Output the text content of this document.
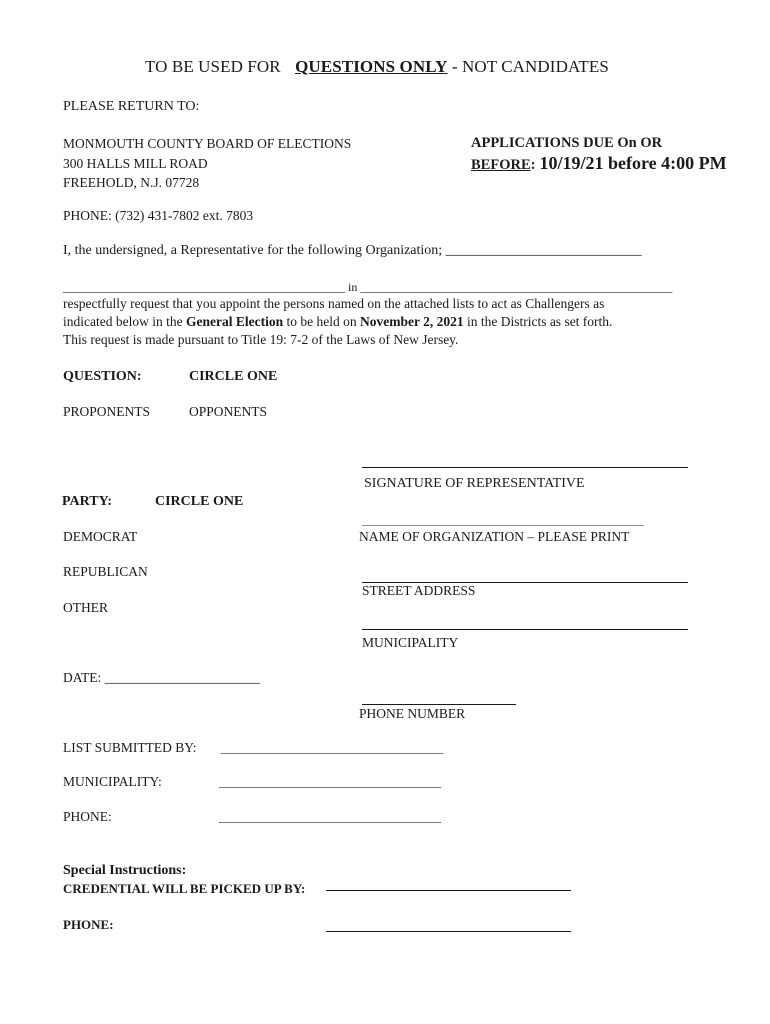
TO BE USED FOR QUESTIONS ONLY - NOT CANDIDATES
PLEASE RETURN TO:
MONMOUTH COUNTY BOARD OF ELECTIONS
300 HALLS MILL ROAD
FREEHOLD, N.J. 07728
APPLICATIONS DUE On OR
BEFORE: 10/19/21 before 4:00 PM
PHONE: (732) 431-7802 ext. 7803
I, the undersigned, a Representative for the following Organization; ____________________________
_______________________________________________ in ____________________________________________________

respectfully request that you appoint the persons named on the attached lists to act as Challengers as

indicated below in the General Election to be held on November 2, 2021 in the Districts as set forth.

This request is made pursuant to Title 19: 7-2 of the Laws of New Jersey.

QUESTION:	CIRCLE ONE
PROPONENTS	OPPONENTS
SIGNATURE OF REPRESENTATIVE
_______________________________________________
NAME OF ORGANIZATION – PLEASE PRINT
STREET ADDRESS
MUNICIPALITY
PHONE NUMBER
PARTY:	CIRCLE ONE
DEMOCRAT
REPUBLICAN
OTHER
DATE: _______________________
LIST SUBMITTED BY: _____________________________________
MUNICIPALITY:	_____________________________________
PHONE:	_____________________________________
Special Instructions:
CREDENTIAL WILL BE PICKED UP BY:
PHONE:
